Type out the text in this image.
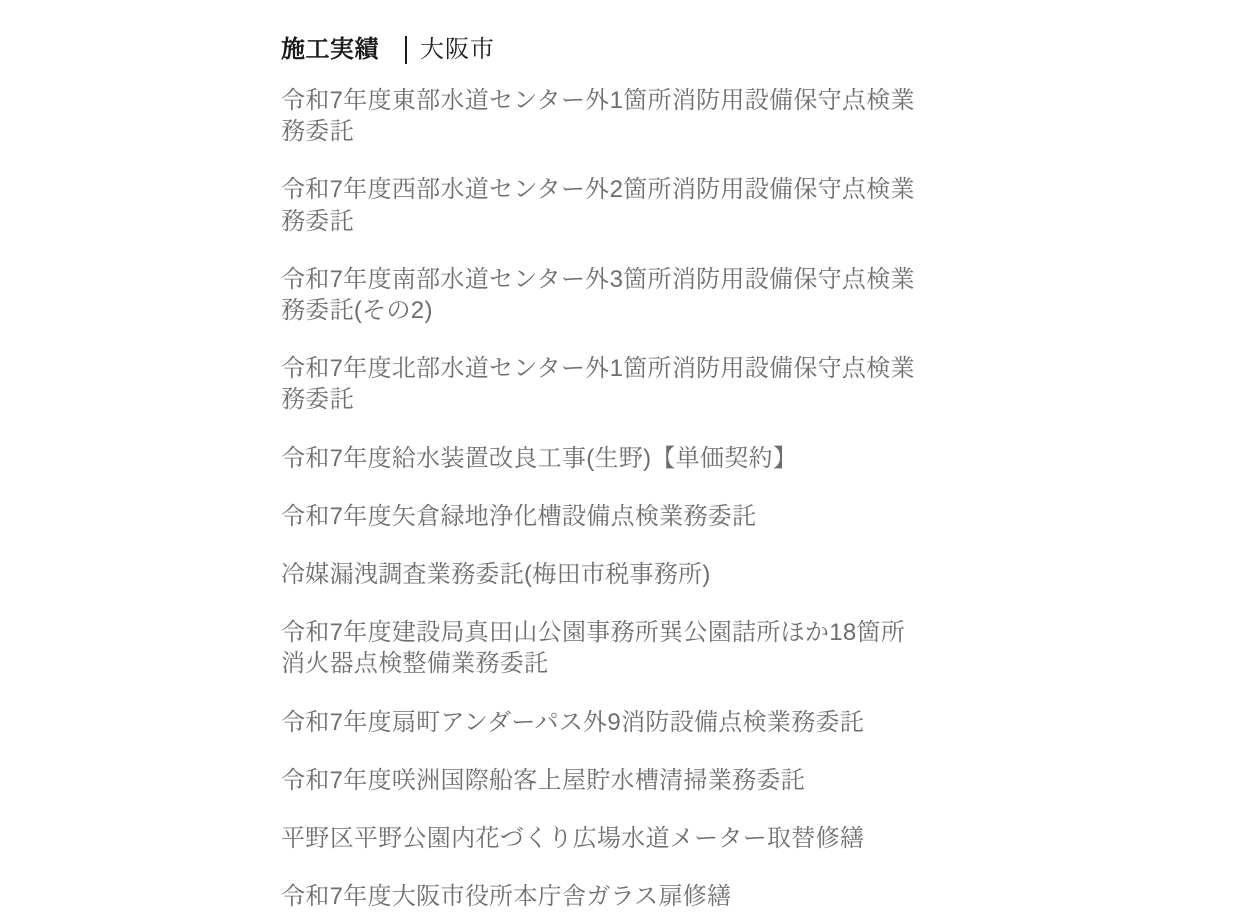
施工実績 大阪市
令和7年度東部水道センター外1箇所消防用設備保守点検業務委託
令和7年度西部水道センター外2箇所消防用設備保守点検業務委託
令和7年度南部水道センター外3箇所消防用設備保守点検業務委託(その2)
令和7年度北部水道センター外1箇所消防用設備保守点検業務委託
令和7年度給水装置改良工事(生野)【単価契約】
令和7年度矢倉緑地浄化槽設備点検業務委託
冷媒漏洩調査業務委託(梅田市税事務所)
令和7年度建設局真田山公園事務所巽公園詰所ほか18箇所消火器点検整備業務委託
令和7年度扇町アンダーパス外9消防設備点検業務委託
令和7年度咲洲国際船客上屋貯水槽清掃業務委託
平野区平野公園内花づくり広場水道メーター取替修繕
令和7年度大阪市役所本庁舎ガラス扉修繕
